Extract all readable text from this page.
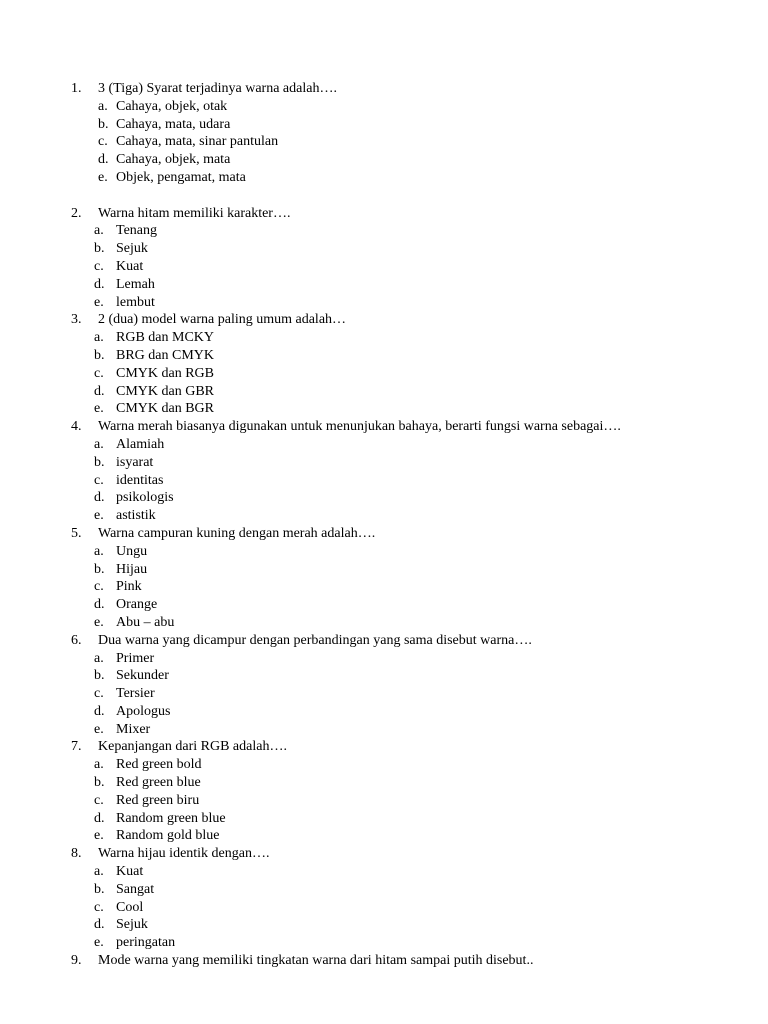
1. 3 (Tiga) Syarat terjadinya warna adalah….
a. Cahaya, objek, otak
b. Cahaya, mata, udara
c. Cahaya, mata, sinar pantulan
d. Cahaya, objek, mata
e. Objek, pengamat, mata
2. Warna hitam memiliki karakter….
a. Tenang
b. Sejuk
c. Kuat
d. Lemah
e. lembut
3. 2 (dua) model warna paling umum adalah…
a. RGB dan MCKY
b. BRG dan CMYK
c. CMYK dan RGB
d. CMYK dan GBR
e. CMYK dan BGR
4. Warna merah biasanya digunakan untuk menunjukan bahaya, berarti fungsi warna sebagai….
a. Alamiah
b. isyarat
c. identitas
d. psikologis
e. astistik
5. Warna campuran kuning dengan merah adalah….
a. Ungu
b. Hijau
c. Pink
d. Orange
e. Abu – abu
6. Dua warna yang dicampur dengan perbandingan yang sama disebut warna….
a. Primer
b. Sekunder
c. Tersier
d. Apologus
e. Mixer
7. Kepanjangan dari RGB adalah….
a. Red green bold
b. Red green blue
c. Red green biru
d. Random green blue
e. Random gold blue
8. Warna hijau identik dengan….
a. Kuat
b. Sangat
c. Cool
d. Sejuk
e. peringatan
9. Mode warna yang memiliki tingkatan warna dari hitam sampai putih disebut..
